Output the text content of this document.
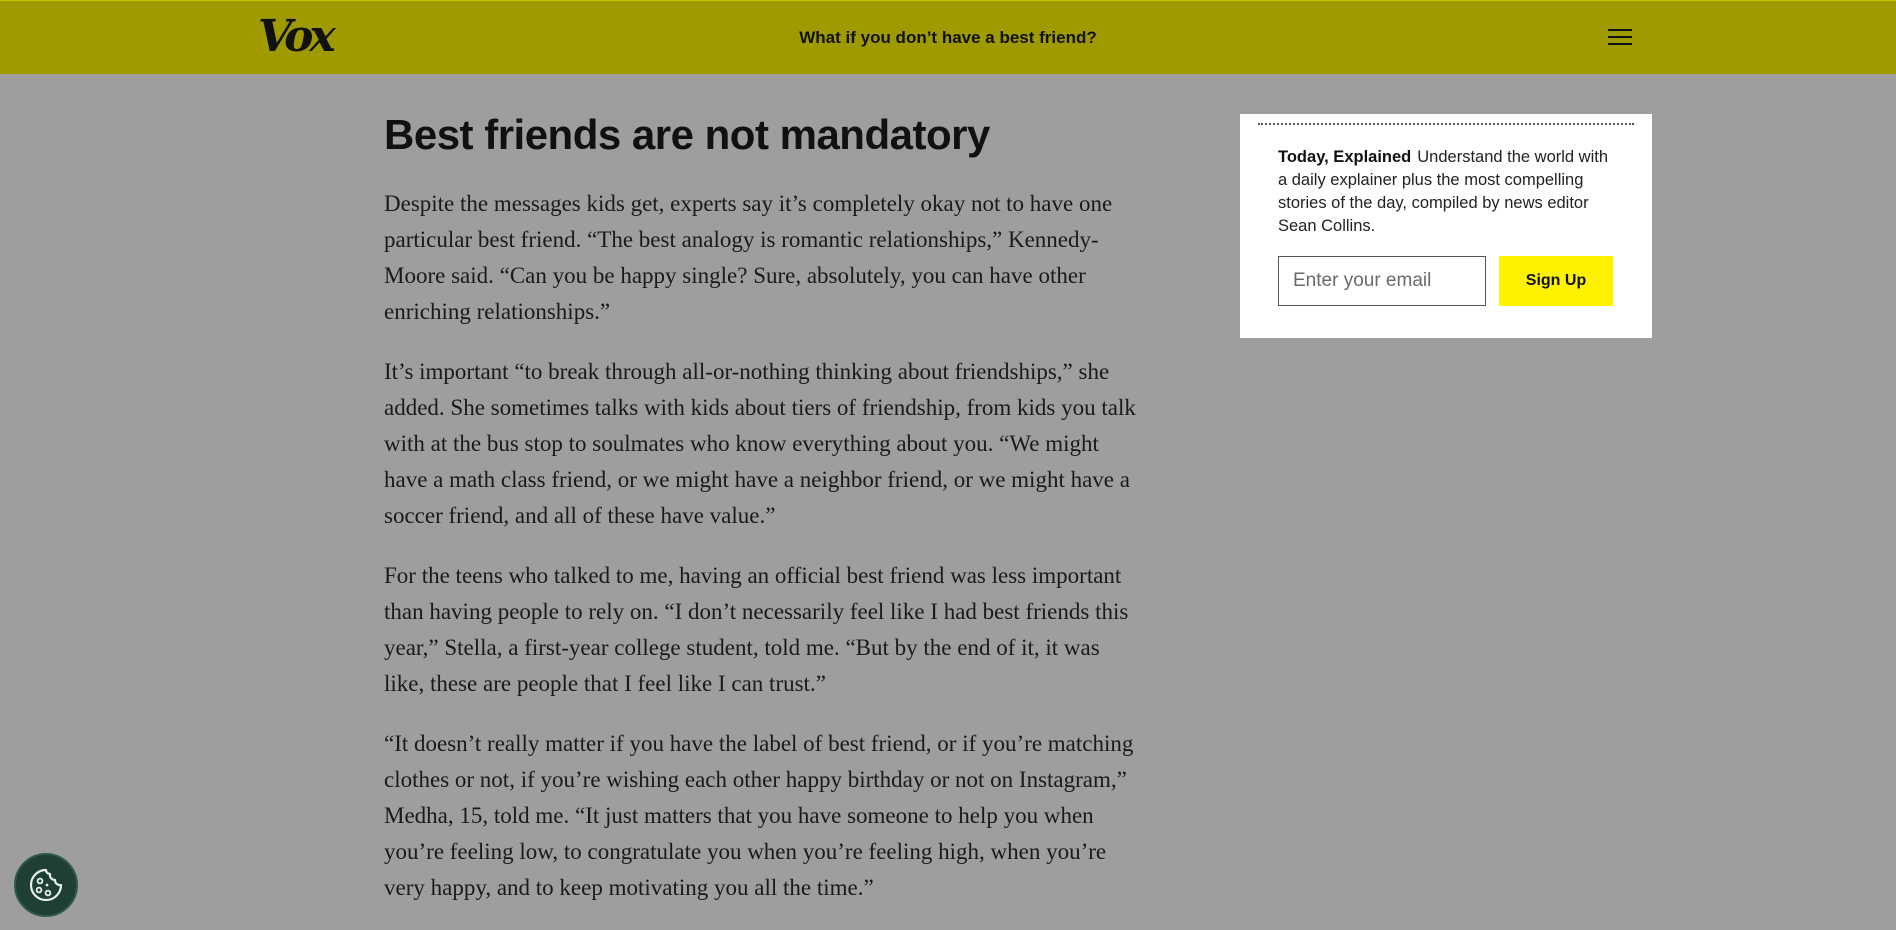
Vox	What if you don’t have a best friend?
Best friends are not mandatory

Despite the messages kids get, experts say it’s completely okay not to have one particular best friend. “The best analogy is romantic relationships,” Kennedy-Moore said. “Can you be happy single? Sure, absolutely, you can have other enriching relationships.”

It’s important “to break through all-or-nothing thinking about friendships,” she added. She sometimes talks with kids about tiers of friendship, from kids you talk with at the bus stop to soulmates who know everything about you. “We might have a math class friend, or we might have a neighbor friend, or we might have a soccer friend, and all of these have value.”

For the teens who talked to me, having an official best friend was less important than having people to rely on. “I don’t necessarily feel like I had best friends this year,” Stella, a first-year college student, told me. “But by the end of it, it was like, these are people that I feel like I can trust.”

“It doesn’t really matter if you have the label of best friend, or if you’re matching clothes or not, if you’re wishing each other happy birthday or not on Instagram,” Medha, 15, told me. “It just matters that you have someone to help you when you’re feeling low, to congratulate you when you’re feeling high, when you’re very happy, and to keep motivating you all the time.”

Today, Explained Understand the world with a daily explainer plus the most compelling stories of the day, compiled by news editor Sean Collins.
Enter your email
Sign Up
